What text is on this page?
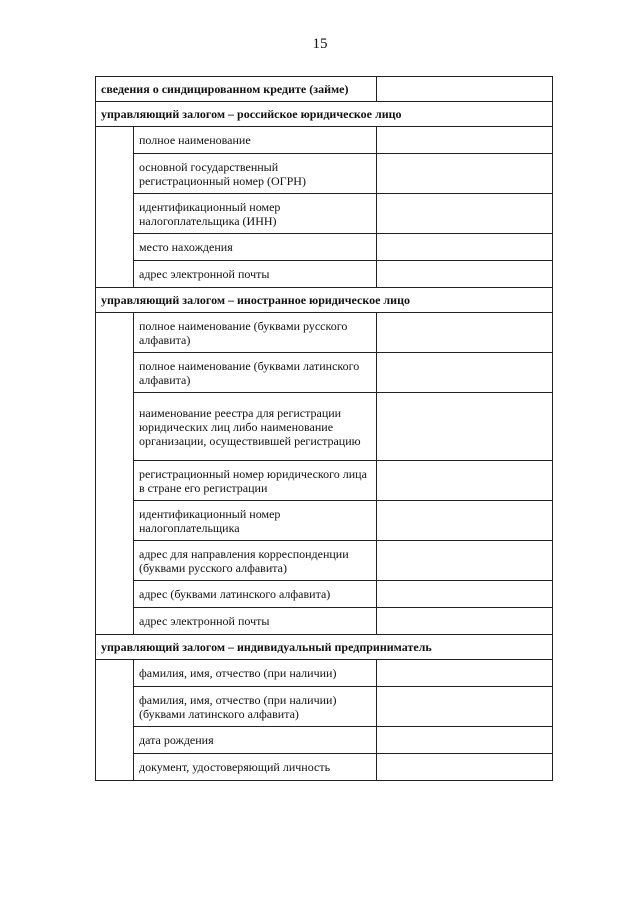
15
сведения о синдицированном кредите (займе)		
управляющий залогом – российское юридическое лицо		
	полное наименование	
	основной государственный регистрационный номер (ОГРН)	
	идентификационный номер налогоплательщика (ИНН)	
	место нахождения	
	адрес электронной почты	
управляющий залогом – иностранное юридическое лицо		
	полное наименование (буквами русского алфавита)	
	полное наименование (буквами латинского алфавита)	
	наименование реестра для регистрации юридических лиц либо наименование организации, осуществившей регистрацию	
	регистрационный номер юридического лица в стране его регистрации	
	идентификационный номер налогоплательщика	
	адрес для направления корреспонденции (буквами русского алфавита)	
	адрес (буквами латинского алфавита)	
	адрес электронной почты	
управляющий залогом – индивидуальный предприниматель		
	фамилия, имя, отчество (при наличии)	
	фамилия, имя, отчество (при наличии) (буквами латинского алфавита)	
	дата рождения	
	документ, удостоверяющий личность	
